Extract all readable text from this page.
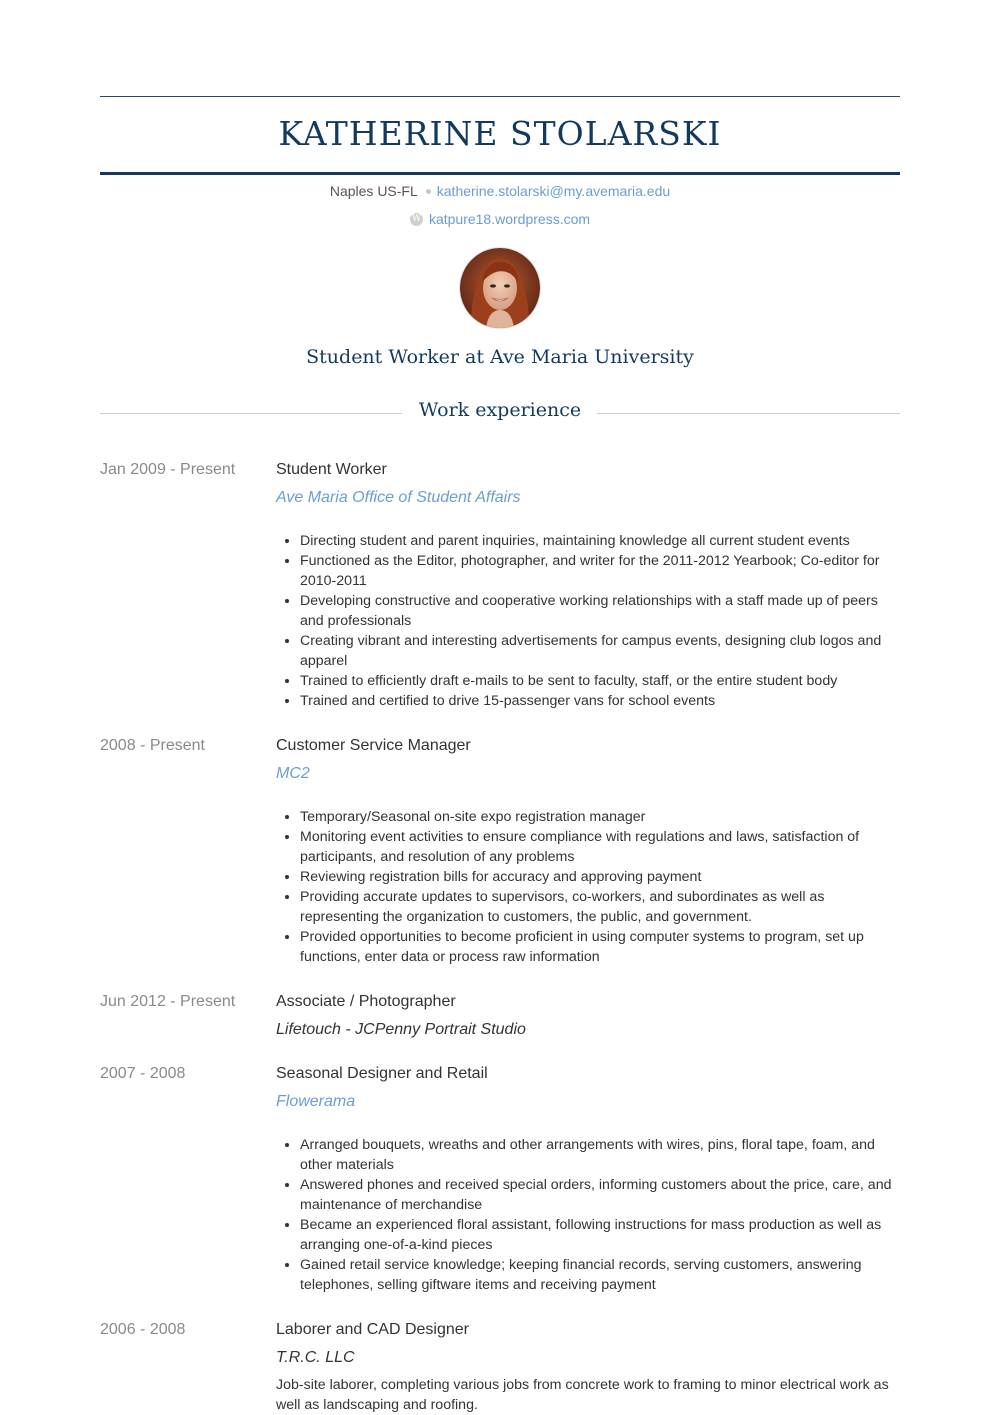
KATHERINE STOLARSKI
Naples US-FL katherine.stolarski@my.avemaria.edu
W katpure18.wordpress.com
Student Worker at Ave Maria University
Work experience
Jan 2009 - Present	Student Worker
Ave Maria Office of Student Affairs
• Directing student and parent inquiries, maintaining knowledge all current student events
• Functioned as the Editor, photographer, and writer for the 2011-2012 Yearbook; Co-editor for 2010-2011
• Developing constructive and cooperative working relationships with a staff made up of peers and professionals
• Creating vibrant and interesting advertisements for campus events, designing club logos and apparel
• Trained to efficiently draft e-mails to be sent to faculty, staff, or the entire student body
• Trained and certified to drive 15-passenger vans for school events
2008 - Present	Customer Service Manager
MC2
• Temporary/Seasonal on-site expo registration manager
• Monitoring event activities to ensure compliance with regulations and laws, satisfaction of participants, and resolution of any problems
• Reviewing registration bills for accuracy and approving payment
• Providing accurate updates to supervisors, co-workers, and subordinates as well as representing the organization to customers, the public, and government.
• Provided opportunities to become proficient in using computer systems to program, set up functions, enter data or process raw information
Jun 2012 - Present	Associate / Photographer
Lifetouch - JCPenny Portrait Studio
2007 - 2008	Seasonal Designer and Retail
Flowerama
• Arranged bouquets, wreaths and other arrangements with wires, pins, floral tape, foam, and other materials
• Answered phones and received special orders, informing customers about the price, care, and maintenance of merchandise
• Became an experienced floral assistant, following instructions for mass production as well as arranging one-of-a-kind pieces
• Gained retail service knowledge; keeping financial records, serving customers, answering telephones, selling giftware items and receiving payment
2006 - 2008	Laborer and CAD Designer
T.R.C. LLC
Job-site laborer, completing various jobs from concrete work to framing to minor electrical work as well as landscaping and roofing.
